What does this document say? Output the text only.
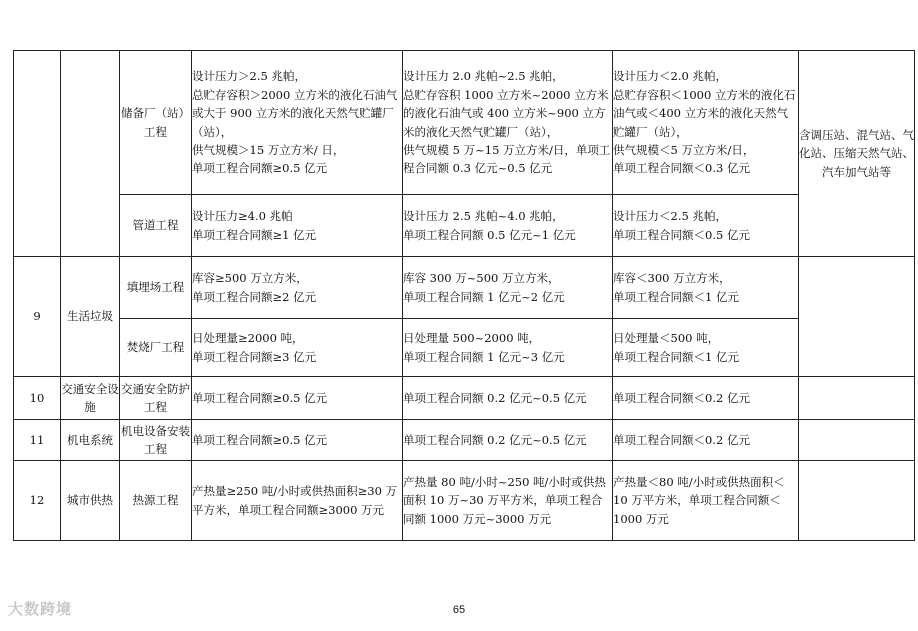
		储备厂（站）工程	设计压力＞2.5 兆帕，
总贮存容积＞2000 立方米的液化石油气或大于 900 立方米的液化天然气贮罐厂（站），
供气规模＞15 万立方米/ 日，
单项工程合同额≥0.5 亿元	设计压力 2.0 兆帕~2.5 兆帕，
总贮存容积 1000 立方米~2000 立方米的液化石油气或 400 立方米~900 立方米的液化天然气贮罐厂（站），
供气规模 5 万~15 万立方米/日，单项工程合同额 0.3 亿元~0.5 亿元	设计压力＜2.0 兆帕，
总贮存容积＜1000 立方米的液化石油气或＜400 立方米的液化天然气贮罐厂（站），
供气规模＜5 万立方米/日，
单项工程合同额＜0.3 亿元	含调压站、混气站、气化站、压缩天然气站、汽车加气站等
		管道工程	设计压力≥4.0 兆帕
单项工程合同额≥1 亿元	设计压力 2.5 兆帕~4.0 兆帕，
单项工程合同额 0.5 亿元~1 亿元	设计压力＜2.5 兆帕，
单项工程合同额＜0.5 亿元	
9	生活垃圾	填埋场工程	库容≥500 万立方米，
单项工程合同额≥2 亿元	库容 300 万~500 万立方米，
单项工程合同额 1 亿元~2 亿元	库容＜300 万立方米，
单项工程合同额＜1 亿元	
		焚烧厂工程	日处理量≥2000 吨，
单项工程合同额≥3 亿元	日处理量 500~2000 吨，
单项工程合同额 1 亿元~3 亿元	日处理量＜500 吨，
单项工程合同额＜1 亿元	
10	交通安全设施	交通安全防护工程	单项工程合同额≥0.5 亿元	单项工程合同额 0.2 亿元~0.5 亿元	单项工程合同额＜0.2 亿元	
11	机电系统	机电设备安装工程	单项工程合同额≥0.5 亿元	单项工程合同额 0.2 亿元~0.5 亿元	单项工程合同额＜0.2 亿元	
12	城市供热	热源工程	产热量≥250 吨/小时或供热面积≥30 万平方米，单项工程合同额≥3000 万元	产热量 80 吨/小时~250 吨/小时或供热面积 10 万~30 万平方米，单项工程合同额 1000 万元~3000 万元	产热量＜80 吨/小时或供热面积＜10 万平方米，单项工程合同额＜1000 万元	
65
大数跨境
